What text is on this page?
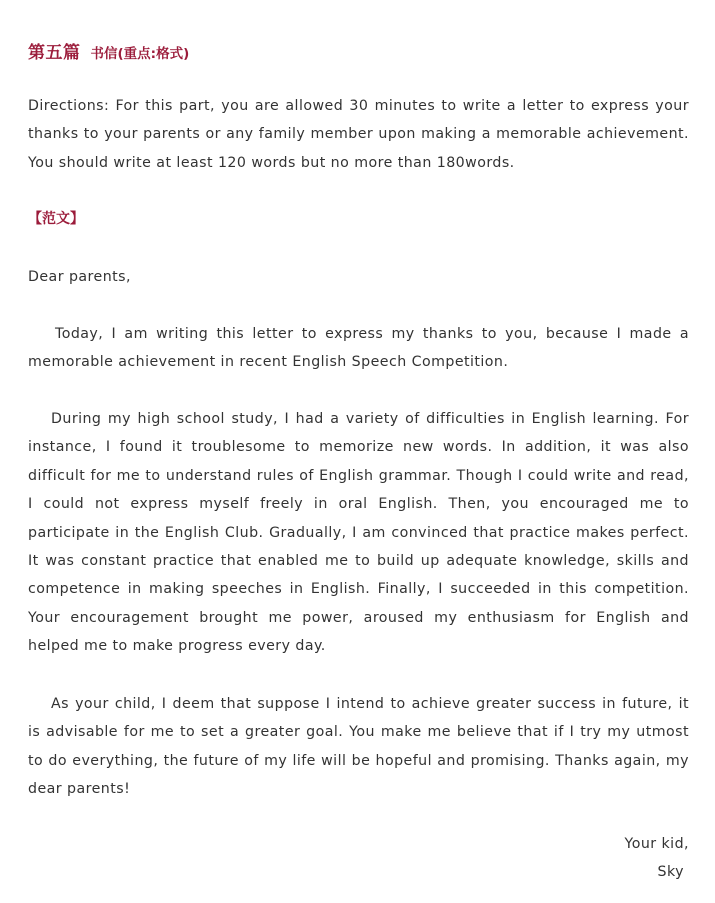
第五篇 书信(重点:格式)

Directions: For this part, you are allowed 30 minutes to write a letter to express your thanks to your parents or any family member upon making a memorable achievement. You should write at least 120 words but no more than 180words.

【范文】

Dear parents,

Today, I am writing this letter to express my thanks to you, because I made a memorable achievement in recent English Speech Competition.

During my high school study, I had a variety of difficulties in English learning. For instance, I found it troublesome to memorize new words. In addition, it was also difficult for me to understand rules of English grammar. Though I could write and read, I could not express myself freely in oral English. Then, you encouraged me to participate in the English Club. Gradually, I am convinced that practice makes perfect. It was constant practice that enabled me to build up adequate knowledge, skills and competence in making speeches in English. Finally, I succeeded in this competition. Your encouragement brought me power, aroused my enthusiasm for English and helped me to make progress every day.

As your child, I deem that suppose I intend to achieve greater success in future, it is advisable for me to set a greater goal. You make me believe that if I try my utmost to do everything, the future of my life will be hopeful and promising. Thanks again, my dear parents!

Your kid,
Sky
